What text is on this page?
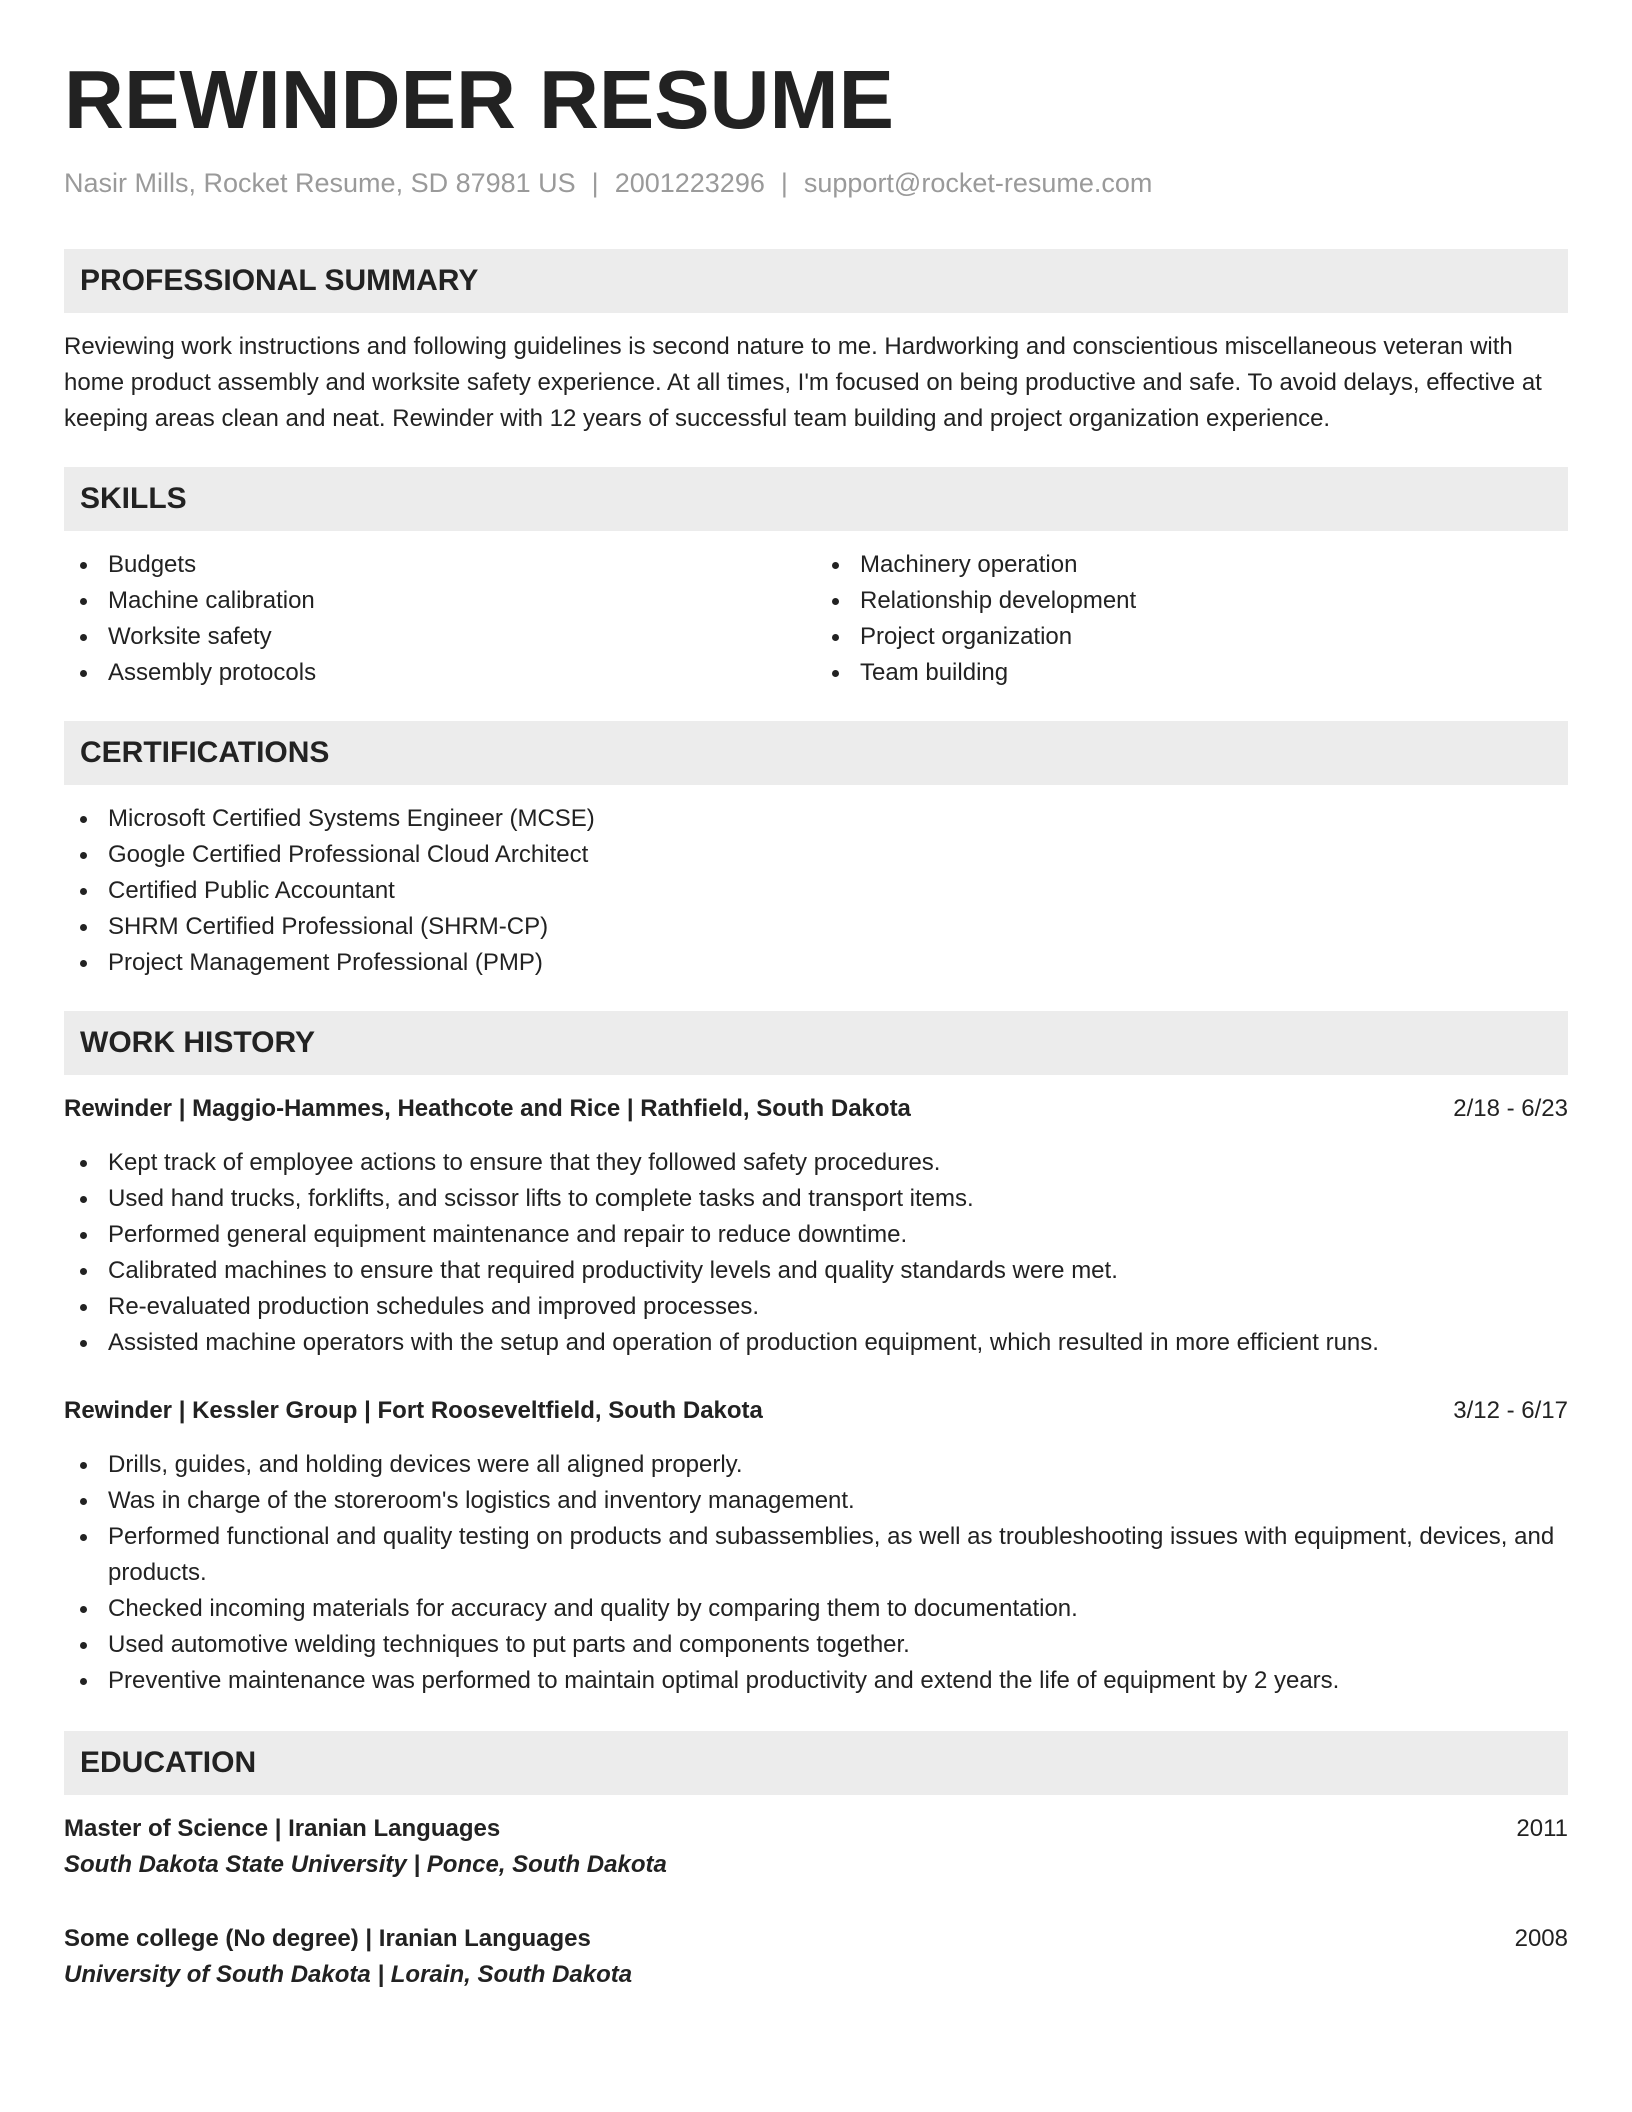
REWINDER RESUME
Nasir Mills, Rocket Resume, SD 87981 US | 2001223296 | support@rocket-resume.com
PROFESSIONAL SUMMARY

Reviewing work instructions and following guidelines is second nature to me. Hardworking and conscientious miscellaneous veteran with home product assembly and worksite safety experience. At all times, I'm focused on being productive and safe. To avoid delays, effective at keeping areas clean and neat. Rewinder with 12 years of successful team building and project organization experience.

SKILLS
Budgets
Machine calibration
Worksite safety
Assembly protocols
Machinery operation
Relationship development
Project organization
Team building
CERTIFICATIONS
Microsoft Certified Systems Engineer (MCSE)
Google Certified Professional Cloud Architect
Certified Public Accountant
SHRM Certified Professional (SHRM-CP)
Project Management Professional (PMP)
WORK HISTORY
Rewinder | Maggio-Hammes, Heathcote and Rice | Rathfield, South Dakota	2/18 - 6/23
Kept track of employee actions to ensure that they followed safety procedures.
Used hand trucks, forklifts, and scissor lifts to complete tasks and transport items.
Performed general equipment maintenance and repair to reduce downtime.
Calibrated machines to ensure that required productivity levels and quality standards were met.
Re-evaluated production schedules and improved processes.
Assisted machine operators with the setup and operation of production equipment, which resulted in more efficient runs.
Rewinder | Kessler Group | Fort Rooseveltfield, South Dakota	3/12 - 6/17
Drills, guides, and holding devices were all aligned properly.
Was in charge of the storeroom's logistics and inventory management.
Performed functional and quality testing on products and subassemblies, as well as troubleshooting issues with equipment, devices, and products.
Checked incoming materials for accuracy and quality by comparing them to documentation.
Used automotive welding techniques to put parts and components together.
Preventive maintenance was performed to maintain optimal productivity and extend the life of equipment by 2 years.
EDUCATION
Master of Science | Iranian Languages	2011
South Dakota State University | Ponce, South Dakota
Some college (No degree) | Iranian Languages	2008
University of South Dakota | Lorain, South Dakota
